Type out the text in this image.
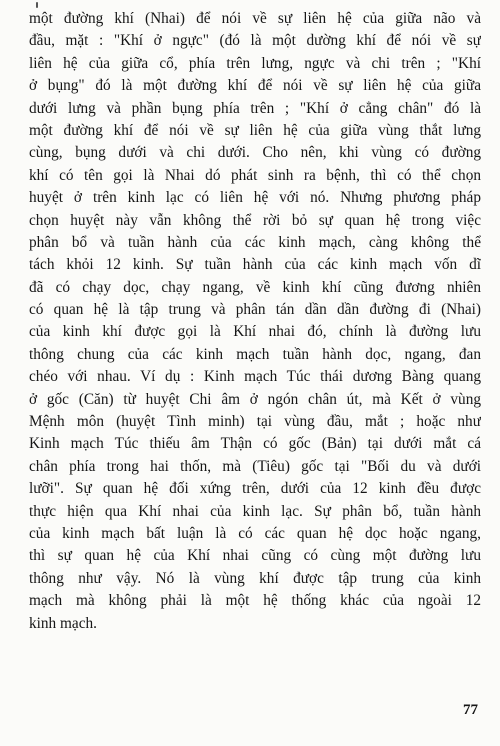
một đường khí (Nhai) để nói về sự liên hệ của giữa não và
đầu, mặt : "Khí ở ngực" (đó là một dường khí để nói về sự
liên hệ của giữa cổ, phía trên lưng, ngực và chi trên ; "Khí
ở bụng" đó là một đường khí để nói về sự liên hệ của giữa
dưới lưng và phần bụng phía trên ; "Khí ở cẳng chân" đó là
một đường khí để nói về sự liên hệ của giữa vùng thắt lưng
cùng, bụng dưới và chi dưới. Cho nên, khi vùng có đường
khí có tên gọi là Nhai dó phát sinh ra bệnh, thì có thể chọn
huyệt ở trên kinh lạc có liên hệ với nó. Nhưng phương pháp
chọn huyệt này vẫn không thể rời bỏ sự quan hệ trong việc
phân bổ và tuần hành của các kinh mạch, càng không thể
tách khỏi 12 kinh. Sự tuần hành của các kinh mạch vốn dĩ
đã có chạy dọc, chạy ngang, về kinh khí cũng đương nhiên
có quan hệ là tập trung và phân tán dần dần đường đi (Nhai)
của kinh khí được gọi là Khí nhai đó, chính là đường lưu
thông chung của các kinh mạch tuần hành dọc, ngang, đan
chéo với nhau. Ví dụ : Kinh mạch Túc thái dương Bàng quang
ở gốc (Căn) từ huyệt Chi âm ở ngón chân út, mà Kết ở vùng
Mệnh môn (huyệt Tình minh) tại vùng đầu, mắt ; hoặc như
Kinh mạch Túc thiếu âm Thận có gốc (Bản) tại dưới mắt cá
chân phía trong hai thốn, mà (Tiêu) gốc tại "Bối du và dưới
lưỡi". Sự quan hệ đối xứng trên, dưới của 12 kinh đều được
thực hiện qua Khí nhai của kinh lạc. Sự phân bổ, tuần hành
của kinh mạch bất luận là có các quan hệ dọc hoặc ngang,
thì sự quan hệ của Khí nhai cũng có cùng một đường lưu
thông như vậy. Nó là vùng khí được tập trung của kinh
mạch mà không phải là một hệ thống khác của ngoài 12
kinh mạch.
77
